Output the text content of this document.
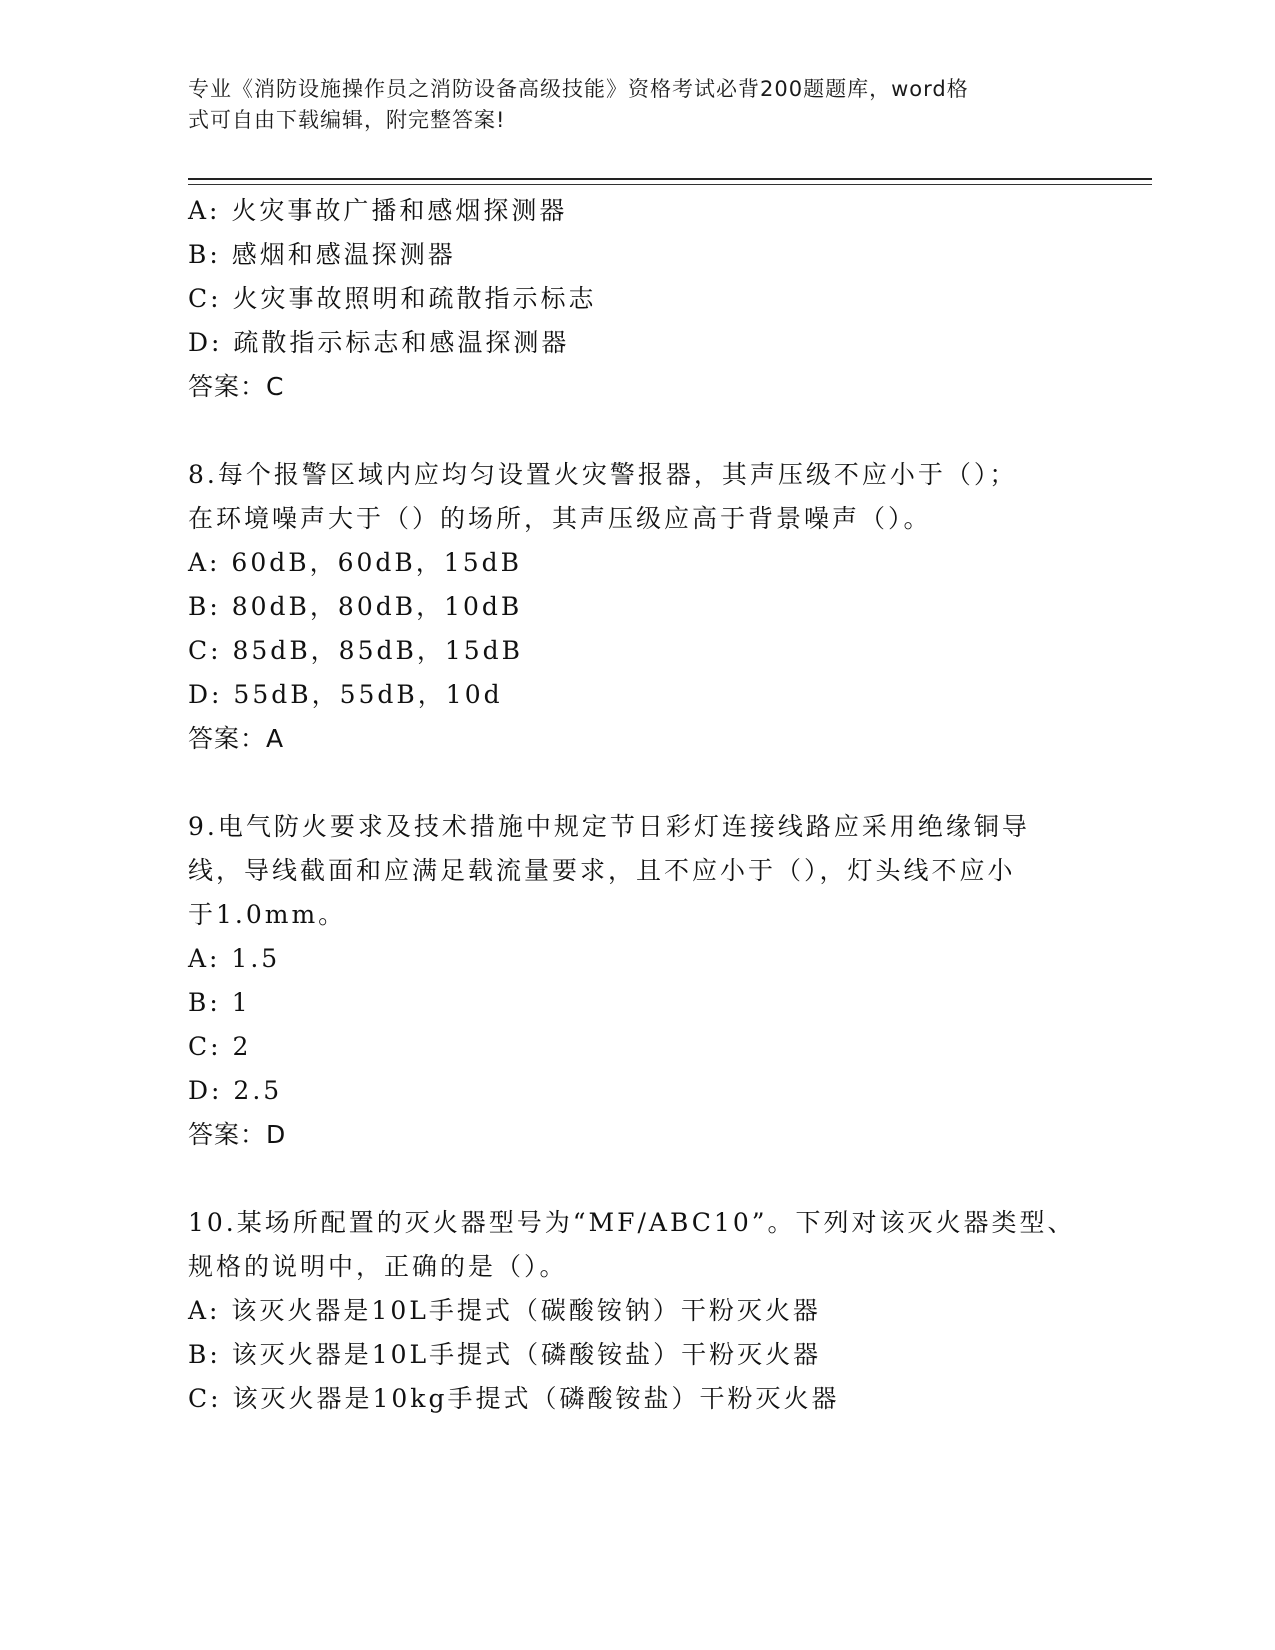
专业《消防设施操作员之消防设备高级技能》资格考试必背200题题库，word格
式可自由下载编辑，附完整答案!
A: 火灾事故广播和感烟探测器
B: 感烟和感温探测器
C: 火灾事故照明和疏散指示标志
D: 疏散指示标志和感温探测器
答案：C
8.每个报警区域内应均匀设置火灾警报器，其声压级不应小于（）；
在环境噪声大于（）的场所，其声压级应高于背景噪声（）。
A: 60dB，60dB，15dB
B: 80dB，80dB，10dB
C: 85dB，85dB，15dB
D: 55dB，55dB，10d
答案：A
9.电气防火要求及技术措施中规定节日彩灯连接线路应采用绝缘铜导
线，导线截面和应满足载流量要求，且不应小于（），灯头线不应小
于1.0mm。
A: 1.5
B: 1
C: 2
D: 2.5
答案：D
10.某场所配置的灭火器型号为“MF/ABC10”。下列对该灭火器类型、
规格的说明中，正确的是（）。
A: 该灭火器是10L手提式（碳酸铵钠）干粉灭火器
B: 该灭火器是10L手提式（磷酸铵盐）干粉灭火器
C: 该灭火器是10kg手提式（磷酸铵盐）干粉灭火器
